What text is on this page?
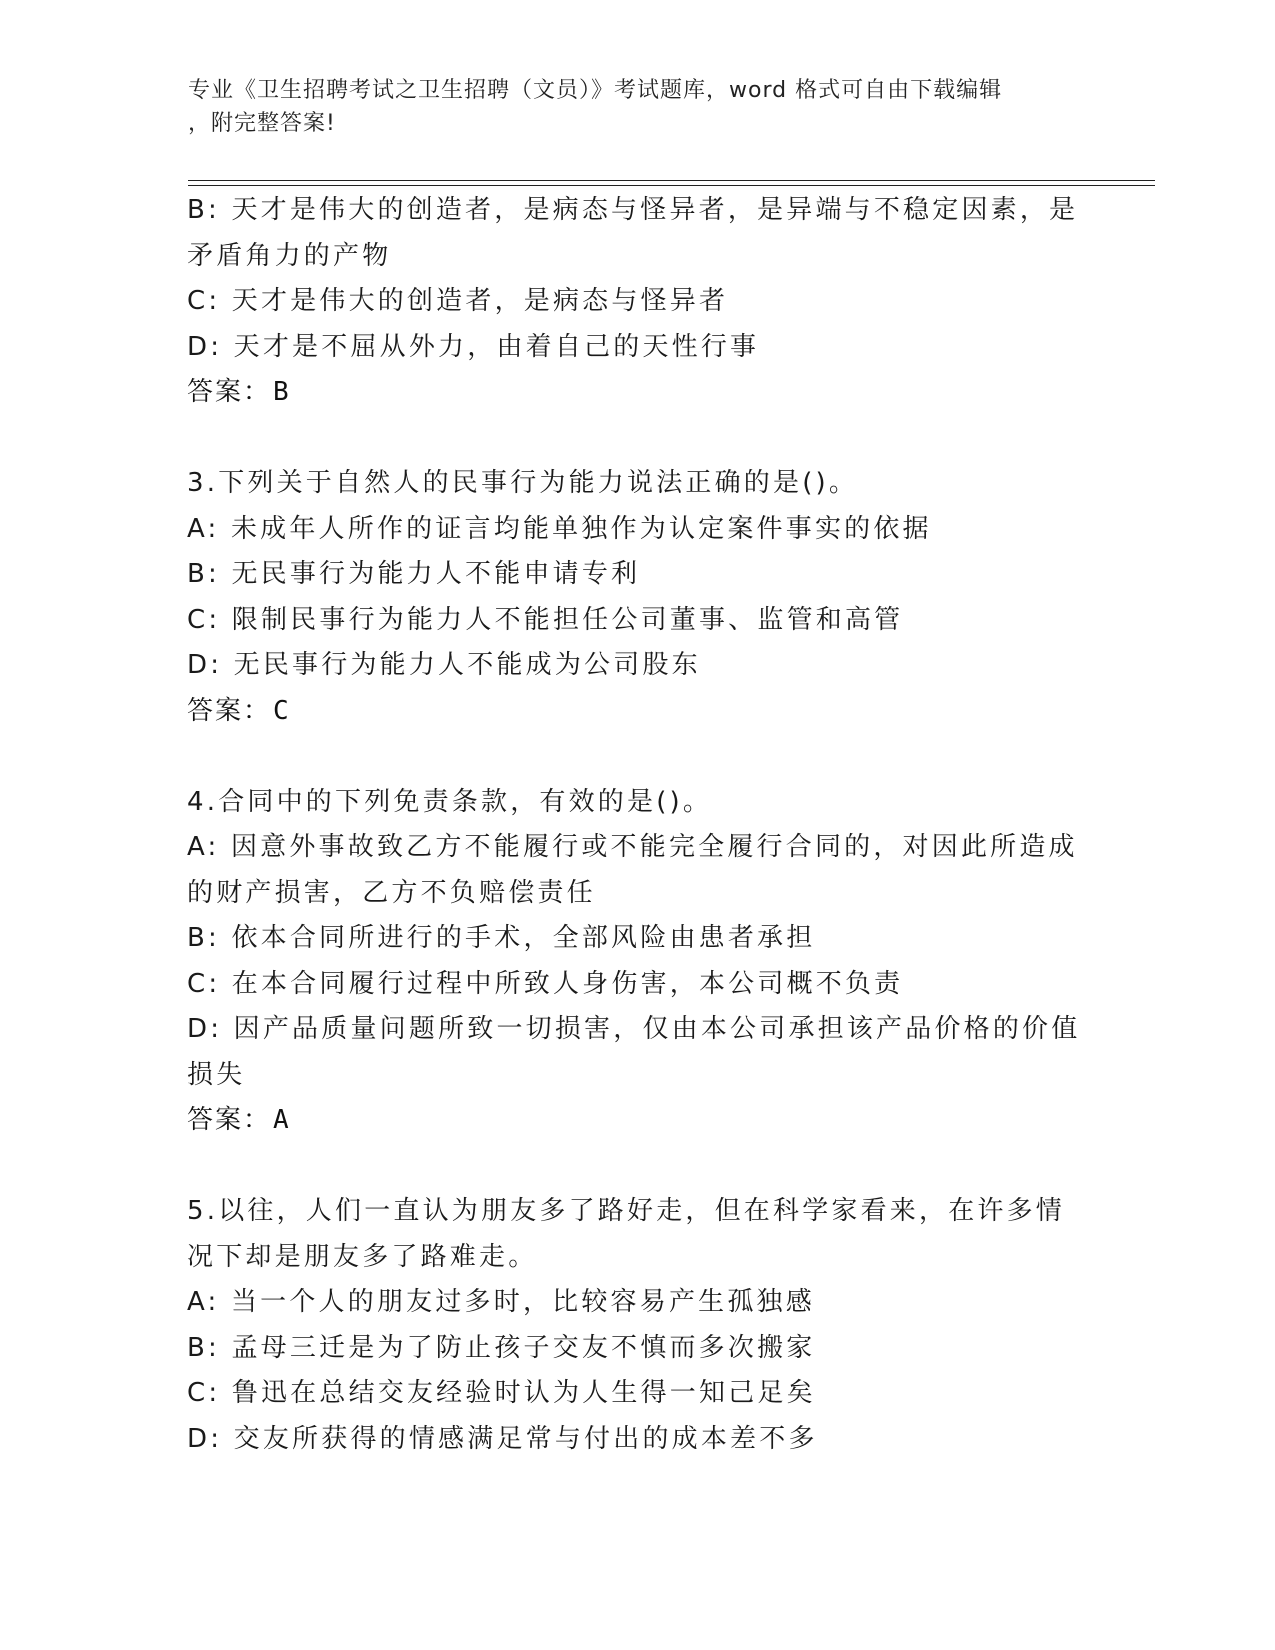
专业《卫生招聘考试之卫生招聘（文员）》考试题库，word 格式可自由下载编辑
，附完整答案!
B: 天才是伟大的创造者，是病态与怪异者，是异端与不稳定因素，是
矛盾角力的产物
C: 天才是伟大的创造者，是病态与怪异者
D: 天才是不屈从外力，由着自己的天性行事
答案：B
3.下列关于自然人的民事行为能力说法正确的是()。
A: 未成年人所作的证言均能单独作为认定案件事实的依据
B: 无民事行为能力人不能申请专利
C: 限制民事行为能力人不能担任公司董事、监管和高管
D: 无民事行为能力人不能成为公司股东
答案：C
4.合同中的下列免责条款，有效的是()。
A: 因意外事故致乙方不能履行或不能完全履行合同的，对因此所造成
的财产损害，乙方不负赔偿责任
B: 依本合同所进行的手术，全部风险由患者承担
C: 在本合同履行过程中所致人身伤害，本公司概不负责
D: 因产品质量问题所致一切损害，仅由本公司承担该产品价格的价值
损失
答案：A
5.以往，人们一直认为朋友多了路好走，但在科学家看来，在许多情
况下却是朋友多了路难走。
A: 当一个人的朋友过多时，比较容易产生孤独感
B: 孟母三迁是为了防止孩子交友不慎而多次搬家
C: 鲁迅在总结交友经验时认为人生得一知己足矣
D: 交友所获得的情感满足常与付出的成本差不多
